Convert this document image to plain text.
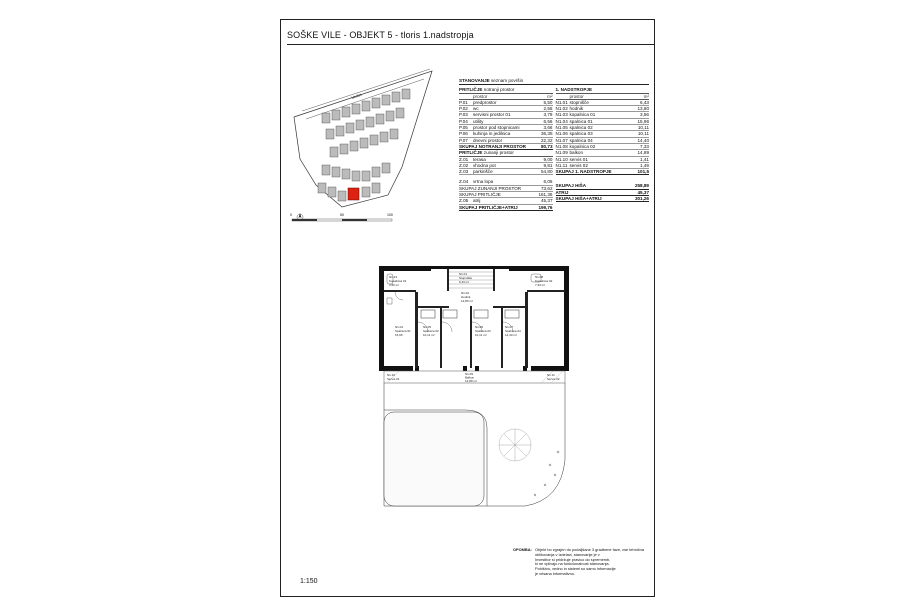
SOŠKE VILE - OBJEKT 5 - tloris 1.nadstropja
ULICA
0	50	100
STANOVANJE seznam površin
PRITLIČJE
notranji prostor
prostor	m²
P.01	predprostor	5,50
P.02	wc	2,55
P.03	servisni prostor 01	3,79
P.04	utility	6,56
P.05	prostor pod stopnicami	3,66
P.06	kuhinja in jedilnica	36,35
P.07	dnevni prostor	22,32
SKUPAJ NOTRANJI PROSTOR	80,73
PRITLIČJE
zunanji prostor
Z.01	terasa	9,00
Z.02	vhodna pot	9,81
Z.03	parkirišče	54,80
Z.04	vrtna lopa	6,05
SKUPAJ ZUNANJI PROSTOR	73,62
SKUPAJ PRITLIČJE	161,35
Z.05	atrij	45,37
SKUPAJ PRITLIČJE+ATRIJ	199,76
1. NADSTROPJE
prostor	m²
N1.01 stopnišče	6,43
N1.02 hodnik	13,80
N1.03 kopalnica 01	3,56
N1.04 spalnica 01	15,96
N1.05 spalnica 02	10,11
N1.06 spalnica 03	10,11
N1.07 spalnica 04	14,40
N1.08 kopalnica 02	7,33
N1.09 balkon	14,89
N1.10 servis 01	1,41
N1.11 servis 02	1,49
SKUPAJ 1. NADSTROPJE	101,5
SKUPAJ HIŠA	258,89
ATRIJ	45,37
SKUPAJ HIŠA+ATRIJ	301,26
N1.13
Kopalnica 01
3,56 m²
N1.01
Stopnišče
6,43 m²
N1.02
Hodnik
13,80 m²
N1.08
Kopalnica 02
7,33 m²
N1.04
Spalnica 01
15,96
N1.05
Spalnica 02
10,11 m²
N1.06
Spalnica 03
10,11 m²
N1.07
Spalnica 04
14,40 m²
N1.10
Servis 01
N1.09
Balkon
14,89 m²
N1.11
Servis 02
1:150
OPOMBA: Objekt bo zgrajen do podaljšane 3 gradbene faze, vse tehnična
oblikovanja v izdelavi, stanovanje je v
Investitor si pridržuje pravico do sprememb,
ki ne vplivajo na funkcionalnost stanovanja.
Pohištvo, vedno in sistemi so samo informacije
je vrisana informativno.
